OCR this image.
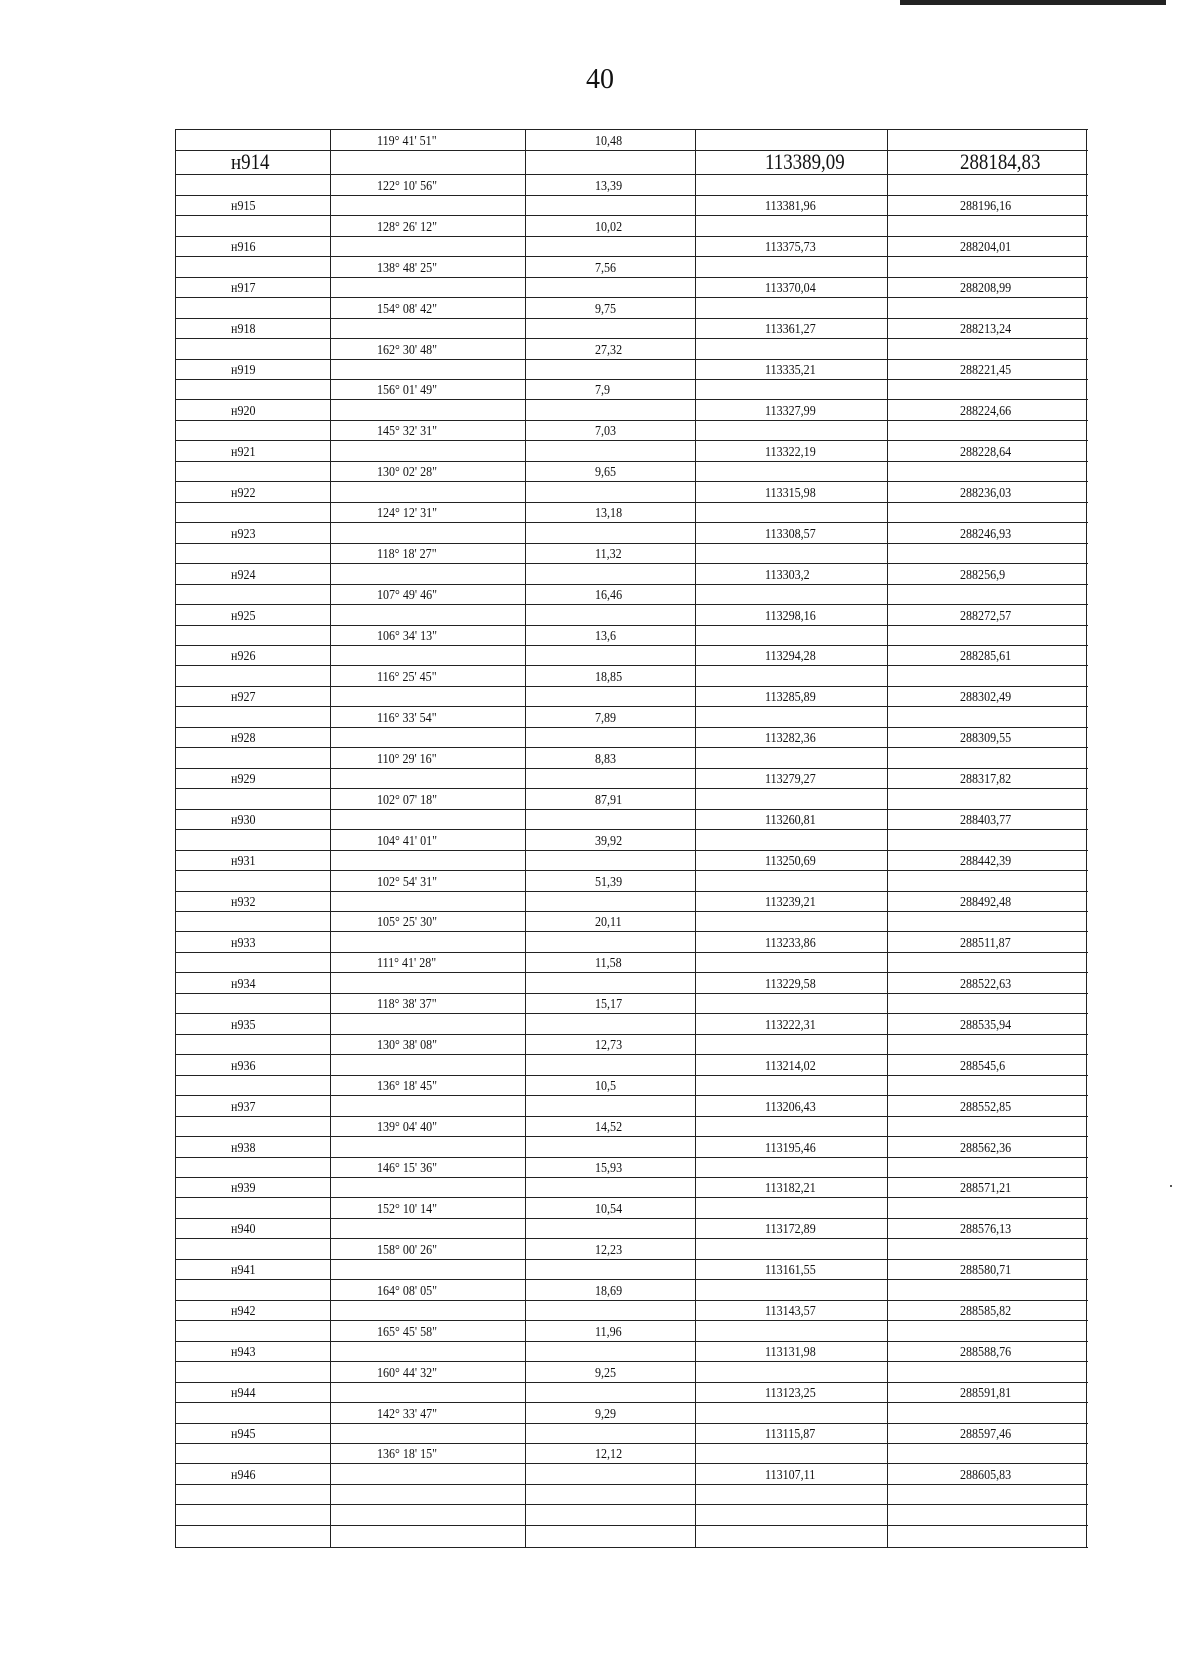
40
119° 41' 51"	10,48
н914	113389,09	288184,83
122° 10' 56"	13,39
н915	113381,96	288196,16
128° 26' 12"	10,02
н916	113375,73	288204,01
138° 48' 25"	7,56
н917	113370,04	288208,99
154° 08' 42"	9,75
н918	113361,27	288213,24
162° 30' 48"	27,32
н919	113335,21	288221,45
156° 01' 49"	7,9
н920	113327,99	288224,66
145° 32' 31"	7,03
н921	113322,19	288228,64
130° 02' 28"	9,65
н922	113315,98	288236,03
124° 12' 31"	13,18
н923	113308,57	288246,93
118° 18' 27"	11,32
н924	113303,2	288256,9
107° 49' 46"	16,46
н925	113298,16	288272,57
106° 34' 13"	13,6
н926	113294,28	288285,61
116° 25' 45"	18,85
н927	113285,89	288302,49
116° 33' 54"	7,89
н928	113282,36	288309,55
110° 29' 16"	8,83
н929	113279,27	288317,82
102° 07' 18"	87,91
н930	113260,81	288403,77
104° 41' 01"	39,92
н931	113250,69	288442,39
102° 54' 31"	51,39
н932	113239,21	288492,48
105° 25' 30"	20,11
н933	113233,86	288511,87
111° 41' 28"	11,58
н934	113229,58	288522,63
118° 38' 37"	15,17
н935	113222,31	288535,94
130° 38' 08"	12,73
н936	113214,02	288545,6
136° 18' 45"	10,5
н937	113206,43	288552,85
139° 04' 40"	14,52
н938	113195,46	288562,36
146° 15' 36"	15,93
н939	113182,21	288571,21
152° 10' 14"	10,54
н940	113172,89	288576,13
158° 00' 26"	12,23
н941	113161,55	288580,71
164° 08' 05"	18,69
н942	113143,57	288585,82
165° 45' 58"	11,96
н943	113131,98	288588,76
160° 44' 32"	9,25
н944	113123,25	288591,81
142° 33' 47"	9,29
н945	113115,87	288597,46
136° 18' 15"	12,12
н946	113107,11	288605,83
